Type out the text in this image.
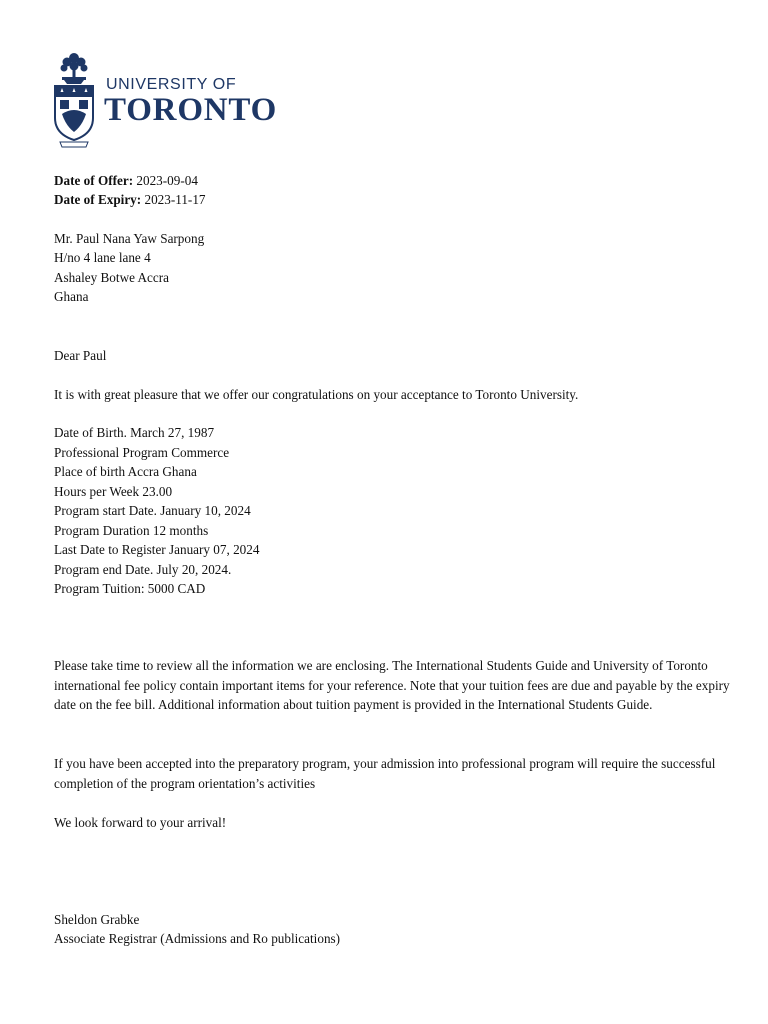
UNIVERSITY OF
TORONTO
Date of Offer: 2023-09-04
Date of Expiry: 2023-11-17
Mr. Paul Nana Yaw Sarpong
H/no 4 lane lane 4
Ashaley Botwe Accra
Ghana
Dear Paul
It is with great pleasure that we offer our congratulations on your acceptance to Toronto University.
Date of Birth. March 27, 1987
Professional Program Commerce
Place of birth Accra Ghana
Hours per Week 23.00
Program start Date. January 10, 2024
Program Duration 12 months
Last Date to Register January 07, 2024
Program end Date. July 20, 2024.
Program Tuition: 5000 CAD
Please take time to review all the information we are enclosing. The International Students Guide and University of Toronto international fee policy contain important items for your reference. Note that your tuition fees are due and payable by the expiry date on the fee bill. Additional information about tuition payment is provided in the International Students Guide.
If you have been accepted into the preparatory program, your admission into professional program will require the successful completion of the program orientation’s activities
We look forward to your arrival!
Sheldon Grabke
Associate Registrar (Admissions and Ro publications)
